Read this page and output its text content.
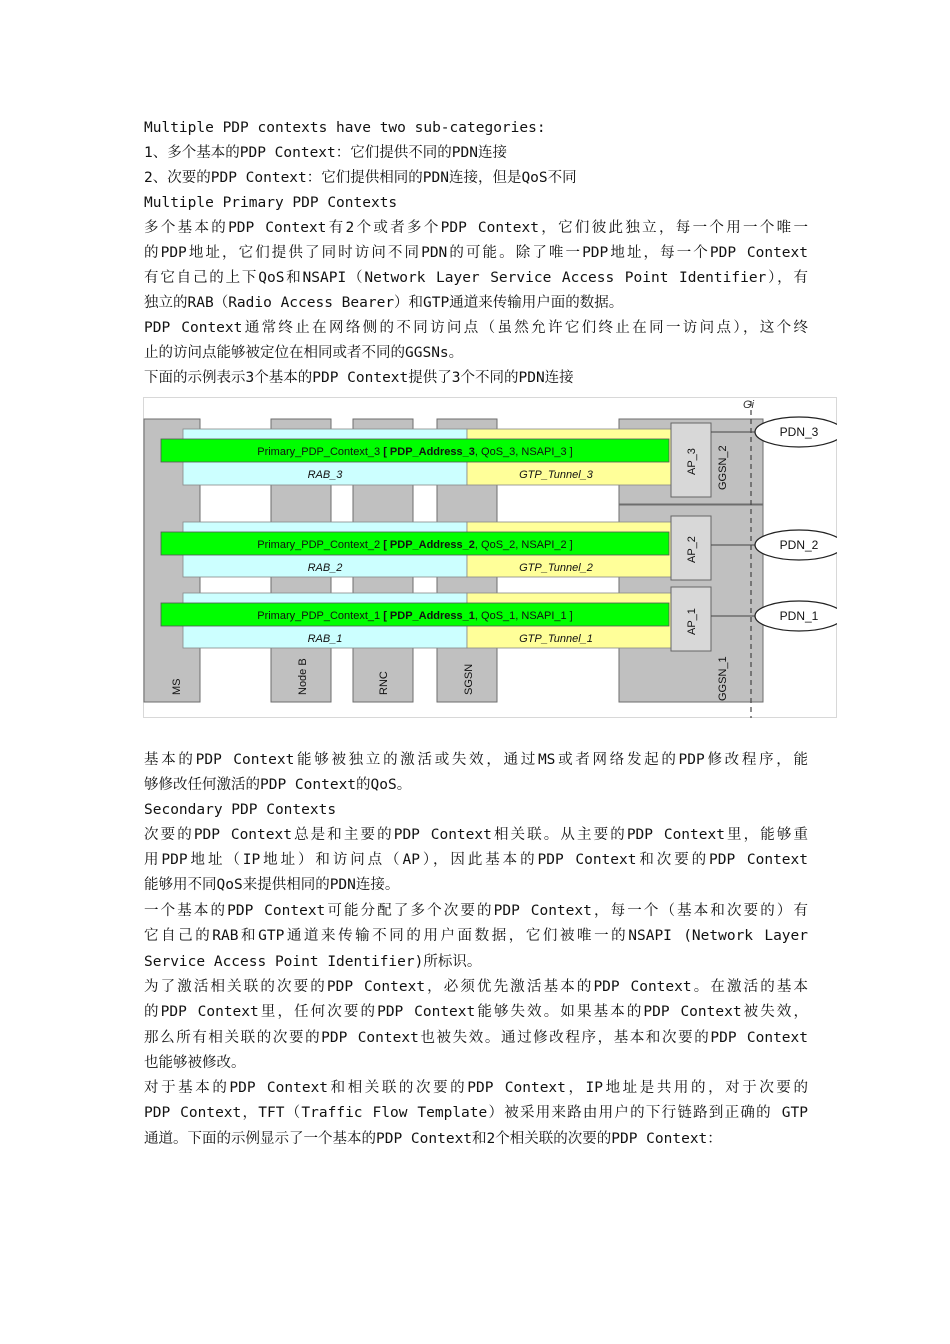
Multiple PDP contexts have two sub-categories:
1、多个基本的PDP Context：它们提供不同的PDN连接
2、次要的PDP Context：它们提供相同的PDN连接，但是QoS不同
Multiple Primary PDP Contexts
多个基本的PDP Context有2个或者多个PDP Context，它们彼此独立，每一个用一个唯一
的PDP地址，它们提供了同时访问不同PDN的可能。除了唯一PDP地址，每一个PDP Context
有它自己的上下QoS和NSAPI（Network Layer Service Access Point Identifier），有
独立的RAB（Radio Access Bearer）和GTP通道来传输用户面的数据。
PDP Context通常终止在网络侧的不同访问点（虽然允许它们终止在同一访问点），这个终
止的访问点能够被定位在相同或者不同的GGSNs。
下面的示例表示3个基本的PDP Context提供了3个不同的PDN连接
Gi
MS	Node B	RNC	SGSN	GGSN_1
GGSN_2
Primary_PDP_Context_3 [ PDP_Address_3, QoS_3, NSAPI_3 ]
RAB_3	GTP_Tunnel_3	AP_3
PDN_3
Primary_PDP_Context_2 [ PDP_Address_2, QoS_2, NSAPI_2 ]
RAB_2	GTP_Tunnel_2
AP_2	PDN_2
Primary_PDP_Context_1 [ PDP_Address_1, QoS_1, NSAPI_1 ]
RAB_1	GTP_Tunnel_1
AP_1	PDN_1
基本的PDP Context能够被独立的激活或失效，通过MS或者网络发起的PDP修改程序，能
够修改任何激活的PDP Context的QoS。
Secondary PDP Contexts
次要的PDP Context总是和主要的PDP Context相关联。从主要的PDP Context里，能够重
用PDP地址（IP地址）和访问点（AP），因此基本的PDP Context和次要的PDP Context
能够用不同QoS来提供相同的PDN连接。
一个基本的PDP Context可能分配了多个次要的PDP Context，每一个（基本和次要的）有
它自己的RAB和GTP通道来传输不同的用户面数据，它们被唯一的NSAPI (Network Layer
Service Access Point Identifier)所标识。
为了激活相关联的次要的PDP Context，必须优先激活基本的PDP Context。在激活的基本
的PDP Context里，任何次要的PDP Context能够失效。如果基本的PDP Context被失效，
那么所有相关联的次要的PDP Context也被失效。通过修改程序，基本和次要的PDP Context
也能够被修改。
对于基本的PDP Context和相关联的次要的PDP Context，IP地址是共用的，对于次要的
PDP Context，TFT（Traffic Flow Template）被采用来路由用户的下行链路到正确的 GTP
通道。下面的示例显示了一个基本的PDP Context和2个相关联的次要的PDP Context：
